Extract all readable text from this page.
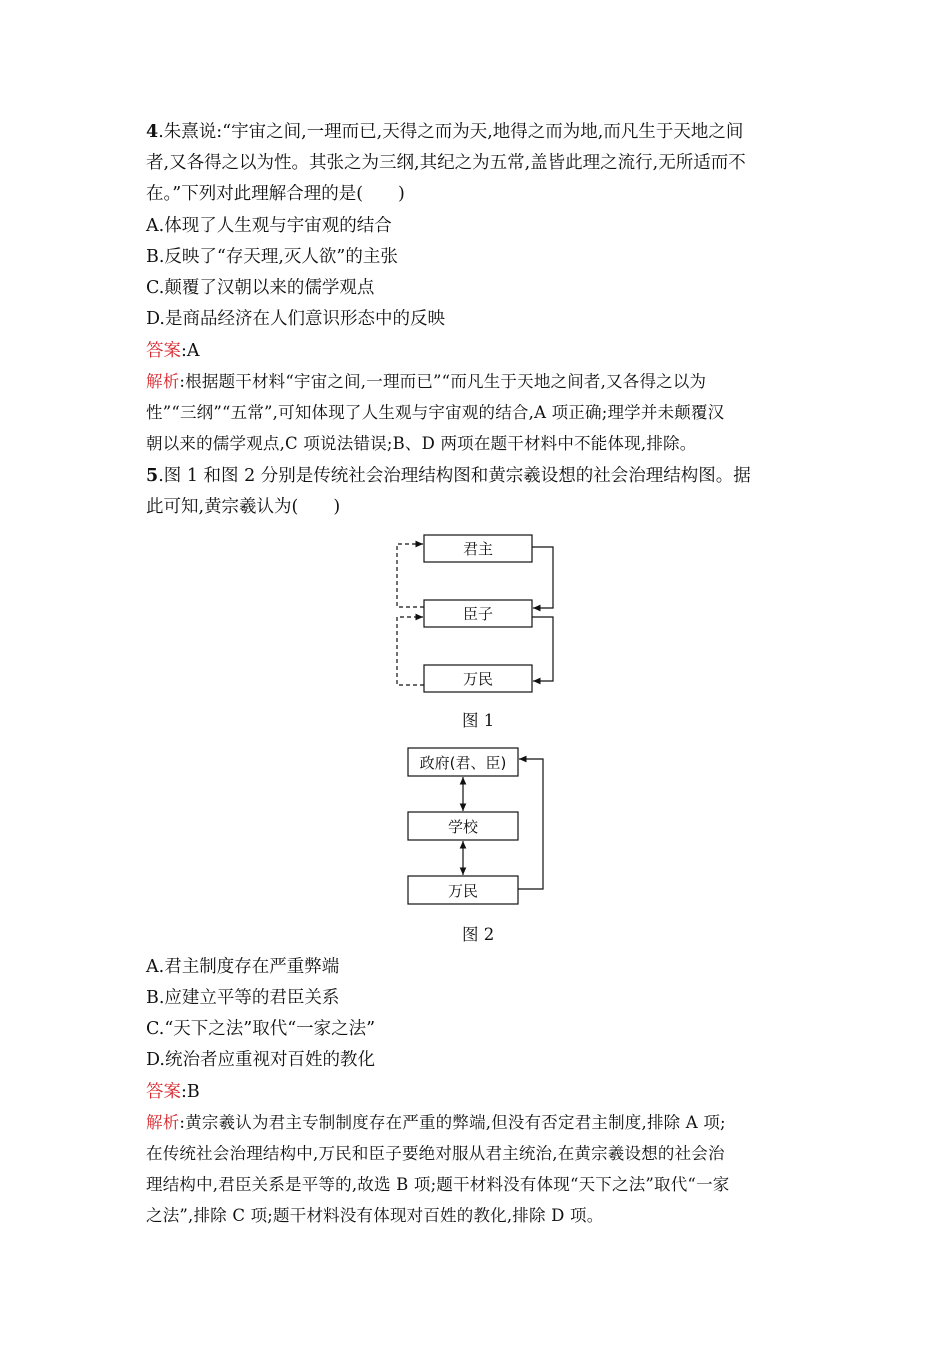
4.朱熹说:“宇宙之间,一理而已,天得之而为天,地得之而为地,而凡生于天地之间
者,又各得之以为性。其张之为三纲,其纪之为五常,盖皆此理之流行,无所适而不
在。”下列对此理解合理的是(　　)
A.体现了人生观与宇宙观的结合
B.反映了“存天理,灭人欲”的主张
C.颠覆了汉朝以来的儒学观点
D.是商品经济在人们意识形态中的反映
答案:A
解析:根据题干材料“宇宙之间,一理而已”“而凡生于天地之间者,又各得之以为
性”“三纲”“五常”,可知体现了人生观与宇宙观的结合,A 项正确;理学并未颠覆汉
朝以来的儒学观点,C 项说法错误;B、D 两项在题干材料中不能体现,排除。
5.图 1 和图 2 分别是传统社会治理结构图和黄宗羲设想的社会治理结构图。据
此可知,黄宗羲认为(　　)
君主
臣子
万民
政府(君、臣)
学校
万民
图 1
图 2
A.君主制度存在严重弊端
B.应建立平等的君臣关系
C.“天下之法”取代“一家之法”
D.统治者应重视对百姓的教化
答案:B
解析:黄宗羲认为君主专制制度存在严重的弊端,但没有否定君主制度,排除 A 项;
在传统社会治理结构中,万民和臣子要绝对服从君主统治,在黄宗羲设想的社会治
理结构中,君臣关系是平等的,故选 B 项;题干材料没有体现“天下之法”取代“一家
之法”,排除 C 项;题干材料没有体现对百姓的教化,排除 D 项。
